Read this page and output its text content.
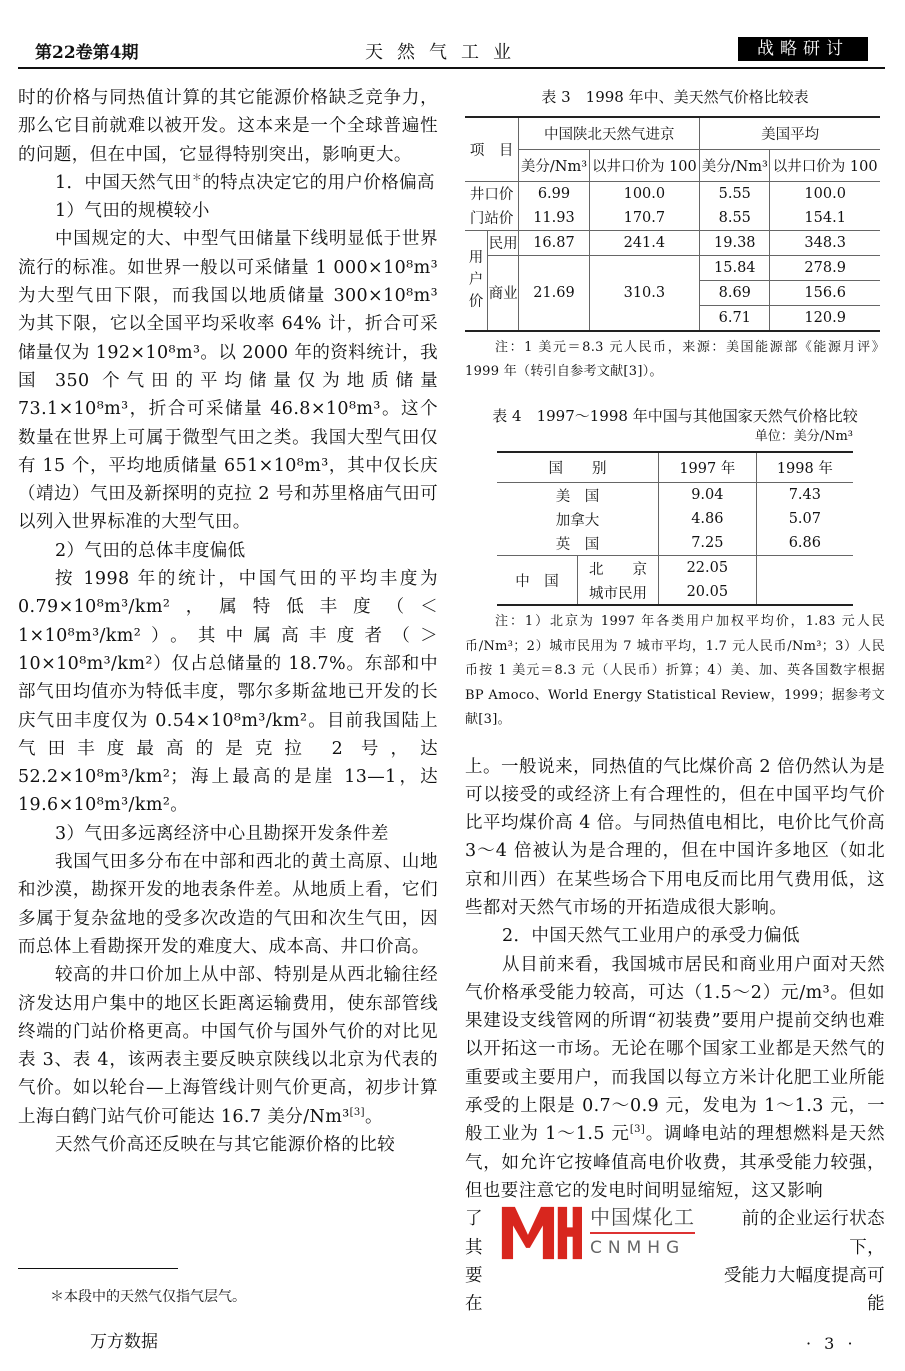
第22卷第4期	天然气工业	战略研讨

时的价格与同热值计算的其它能源价格缺乏竞争力，那么它目前就难以被开发。这本来是一个全球普遍性的问题，但在中国，它显得特别突出，影响更大。

1．中国天然气田＊的特点决定它的用户价格偏高

1）气田的规模较小

中国规定的大、中型气田储量下线明显低于世界流行的标准。如世界一般以可采储量 1 000×10⁸m³ 为大型气田下限，而我国以地质储量 300×10⁸m³ 为其下限，它以全国平均采收率 64% 计，折合可采储量仅为 192×10⁸m³。以 2000 年的资料统计，我国 350 个气田的平均储量仅为地质储量 73.1×10⁸m³，折合可采储量 46.8×10⁸m³。这个数量在世界上可属于微型气田之类。我国大型气田仅有 15 个，平均地质储量 651×10⁸m³，其中仅长庆（靖边）气田及新探明的克拉 2 号和苏里格庙气田可以列入世界标准的大型气田。

2）气田的总体丰度偏低

按 1998 年的统计，中国气田的平均丰度为 0.79×10⁸m³/km²，属特低丰度（＜1×10⁸m³/km²）。其中属高丰度者（＞10×10⁸m³/km²）仅占总储量的 18.7%。东部和中部气田均值亦为特低丰度，鄂尔多斯盆地已开发的长庆气田丰度仅为 0.54×10⁸m³/km²。目前我国陆上气田丰度最高的是克拉 2 号，达 52.2×10⁸m³/km²；海上最高的是崖 13—1，达 19.6×10⁸m³/km²。

3）气田多远离经济中心且勘探开发条件差

我国气田多分布在中部和西北的黄土高原、山地和沙漠，勘探开发的地表条件差。从地质上看，它们多属于复杂盆地的受多次改造的气田和次生气田，因而总体上看勘探开发的难度大、成本高、井口价高。

较高的井口价加上从中部、特别是从西北输往经济发达用户集中的地区长距离运输费用，使东部管线终端的门站价格更高。中国气价与国外气价的对比见表 3、表 4，该两表主要反映京陕线以北京为代表的气价。如以轮台—上海管线计则气价更高，初步计算上海白鹤门站气价可能达 16.7 美分/Nm³[3]。

天然气价高还反映在与其它能源价格的比较

表 3　1998 年中、美天然气价格比较表
项　目		中国陕北天然气进京		美国平均	
		美分/Nm³	以井口价为 100	美分/Nm³	以井口价为 100
井口价		6.99	100.0	5.55	100.0
门站价		11.93	170.7	8.55	154.1
用
户
价	民用	16.87	241.4	19.38	348.3
	商业	21.69	310.3	15.84	278.9
				8.69	156.6
				6.71	120.9
注：1 美元＝8.3 元人民币，来源：美国能源部《能源月评》1999 年（转引自参考文献[3]）。
表 4　1997～1998 年中国与其他国家天然气价格比较
单位：美分/Nm³
国　　别		1997 年	1998 年
美　国		9.04	7.43
加拿大		4.86	5.07
英　国		7.25	6.86
中　国	北　　京	22.05	
	城市民用	20.05	
注：1）北京为 1997 年各类用户加权平均价，1.83 元人民币/Nm³；2）城市民用为 7 城市平均，1.7 元人民币/Nm³；3）人民币按 1 美元＝8.3 元（人民币）折算；4）美、加、英各国数字根据 BP Amoco、World Energy Statistical Review，1999；据参考文献[3]。

上。一般说来，同热值的气比煤价高 2 倍仍然认为是可以接受的或经济上有合理性的，但在中国平均气价比平均煤价高 4 倍。与同热值电相比，电价比气价高 3～4 倍被认为是合理的，但在中国许多地区（如北京和川西）在某些场合下用电反而比用气费用低，这些都对天然气市场的开拓造成很大影响。

2．中国天然气工业用户的承受力偏低

从目前来看，我国城市居民和商业用户面对天然气价格承受能力较高，可达（1.5～2）元/m³。但如果建设支线管网的所谓“初装费”要用户提前交纳也难以开拓这一市场。无论在哪个国家工业都是天然气的重要或主要用户，而我国以每立方米计化肥工业所能承受的上限是 0.7～0.9 元，发电为 1～1.3 元，一般工业为 1～1.5 元[3]。调峰电站的理想燃料是天然气，如允许它按峰值高电价收费，其承受能力较强，但也要注意它的发电时间明显缩短，这又影响

了其
要在
中国煤化工
CNMHG
前的企业运行状态下，
受能力大幅度提高可能
＊本段中的天然气仅指气层气。
万方数据	· 3 ·
